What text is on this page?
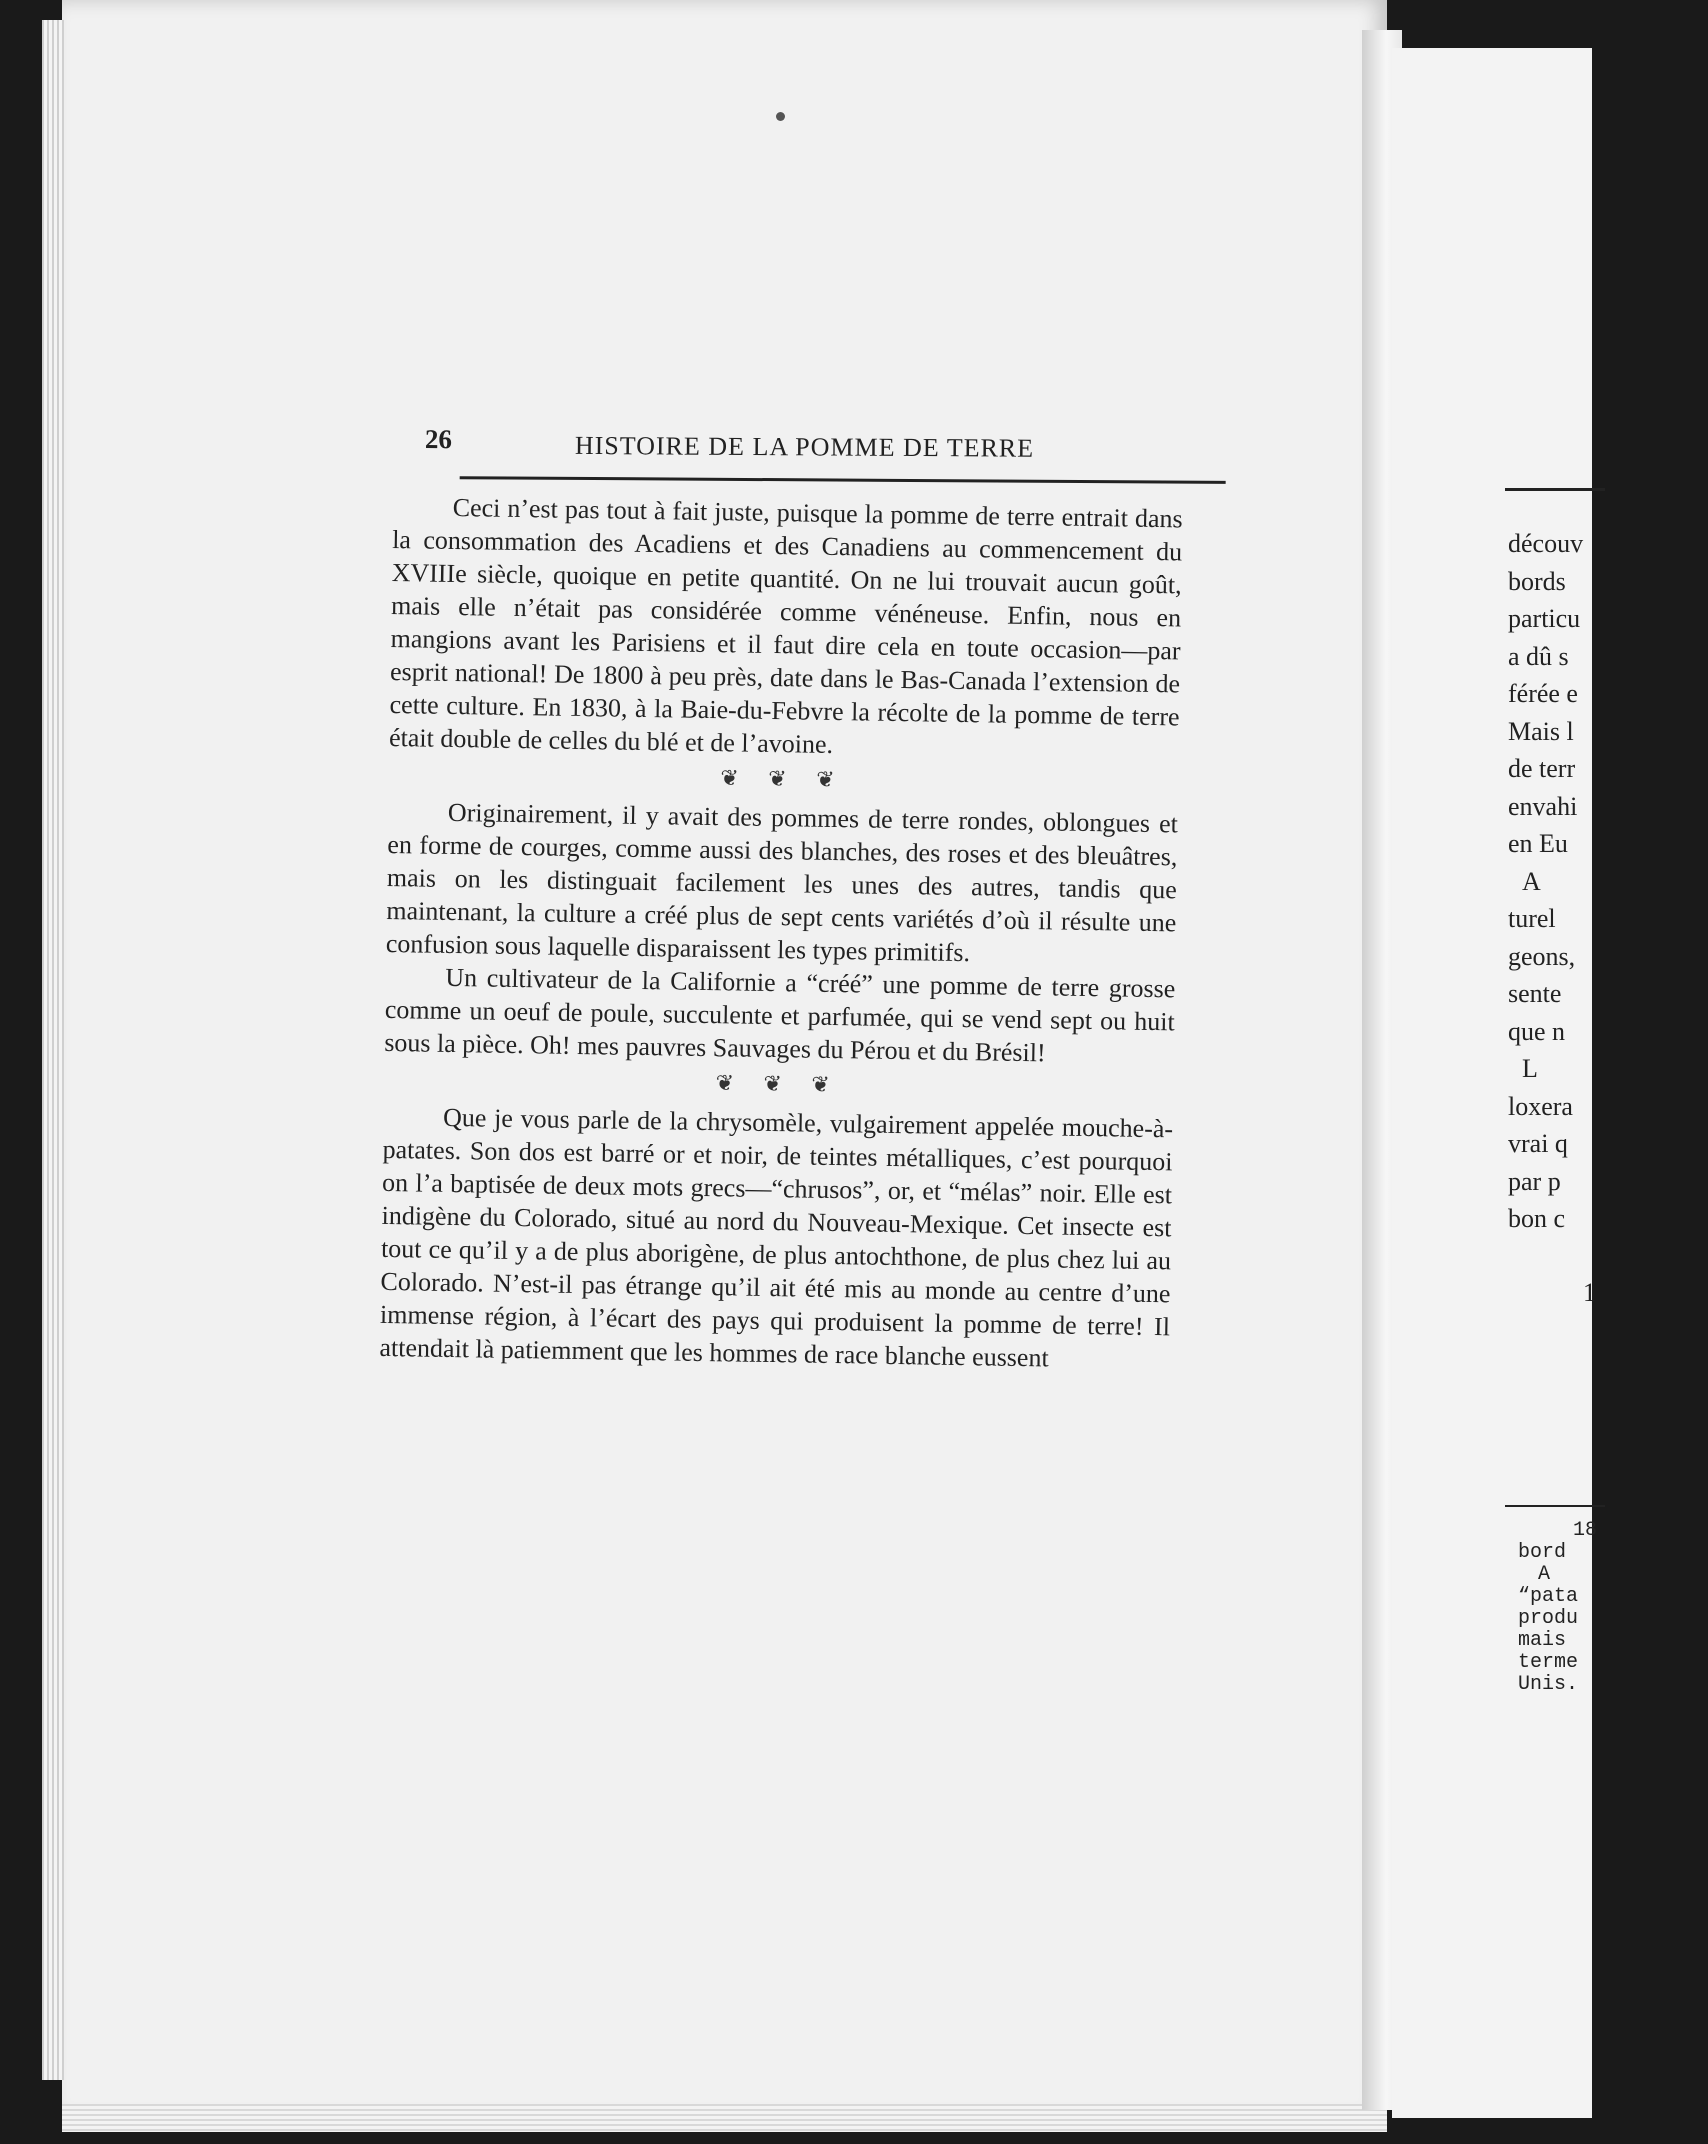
26	HISTOIRE DE LA POMME DE TERRE

Ceci n’est pas tout à fait juste, puisque la pomme de terre entrait dans la consommation des Acadiens et des Canadiens au commencement du XVIIIe siècle, quoique en petite quantité. On ne lui trouvait aucun goût, mais elle n’était pas considérée comme vénéneuse. Enfin, nous en mangions avant les Parisiens et il faut dire cela en toute occasion—par esprit national! De 1800 à peu près, date dans le Bas-Canada l’extension de cette culture. En 1830, à la Baie-du-Febvre la récolte de la pomme de terre était double de celles du blé et de l’avoine.

❦ ❦ ❦

Originairement, il y avait des pommes de terre rondes, oblongues et en forme de courges, comme aussi des blanches, des roses et des bleuâtres, mais on les distinguait facilement les unes des autres, tandis que maintenant, la culture a créé plus de sept cents variétés d’où il résulte une confusion sous laquelle disparaissent les types primitifs.

Un cultivateur de la Californie a “créé” une pomme de terre grosse comme un oeuf de poule, succulente et parfumée, qui se vend sept ou huit sous la pièce. Oh! mes pauvres Sauvages du Pérou et du Brésil!

❦ ❦ ❦

Que je vous parle de la chrysomèle, vulgairement appelée mouche-à-patates. Son dos est barré or et noir, de teintes métalliques, c’est pourquoi on l’a baptisée de deux mots grecs—“chrusos”, or, et “mélas” noir. Elle est indigène du Colorado, situé au nord du Nouveau-Mexique. Cet insecte est tout ce qu’il y a de plus aborigène, de plus antochthone, de plus chez lui au Colorado. N’est-il pas étrange qu’il ait été mis au monde au centre d’une immense région, à l’écart des pays qui produisent la pomme de terre! Il attendait là patiemment que les hommes de race blanche eussent

découv
bords
particu
a dû s
férée e
Mais l
de terr
envahi
en Eu
A
turel
geons,
sente
que n
L
loxera
vrai q
par p
bon c
1
18
bord
A
“pata
produ
mais
terme
Unis.
